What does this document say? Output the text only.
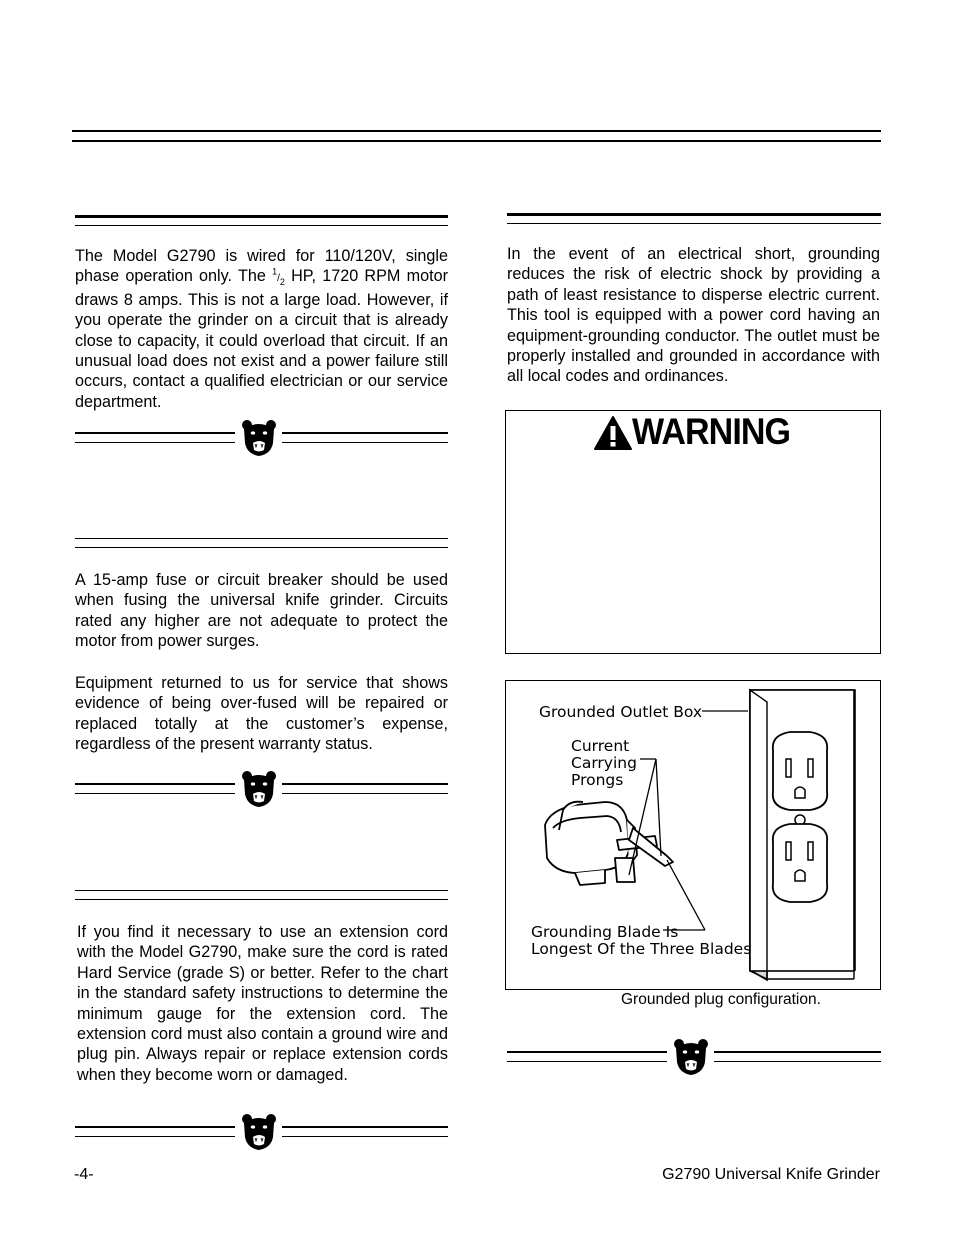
The Model G2790 is wired for 110/120V, single phase operation only. The $^1/_2$ HP, 1720 RPM motor draws 8 amps. This is not a large load. However, if you operate the grinder on a circuit that is already close to capacity, it could overload that circuit. If an unusual load does not exist and a power failure still occurs, contact a qualified electrician or our service department.

A 15-amp fuse or circuit breaker should be used when fusing the universal knife grinder. Circuits rated any higher are not adequate to protect the motor from power surges.

Equipment returned to us for service that shows evidence of being over-fused will be repaired or replaced totally at the customer’s expense, regardless of the present warranty status.

If you find it necessary to use an extension cord with the Model G2790, make sure the cord is rated Hard Service (grade S) or better. Refer to the chart in the standard safety instructions to determine the minimum gauge for the extension cord. The extension cord must also contain a ground wire and plug pin. Always repair or replace extension cords when they become worn or damaged.

In the event of an electrical short, grounding reduces the risk of electric shock by providing a path of least resistance to disperse electric current. This tool is equipped with a power cord having an equipment-grounding conductor. The outlet must be properly installed and grounded in accordance with all local codes and ordinances.

WARNING
Grounded Outlet Box
Current
Carrying
Prongs
Grounding Blade Is
Longest Of the Three Blades
Grounded plug configuration.
-4-	G2790 Universal Knife Grinder
